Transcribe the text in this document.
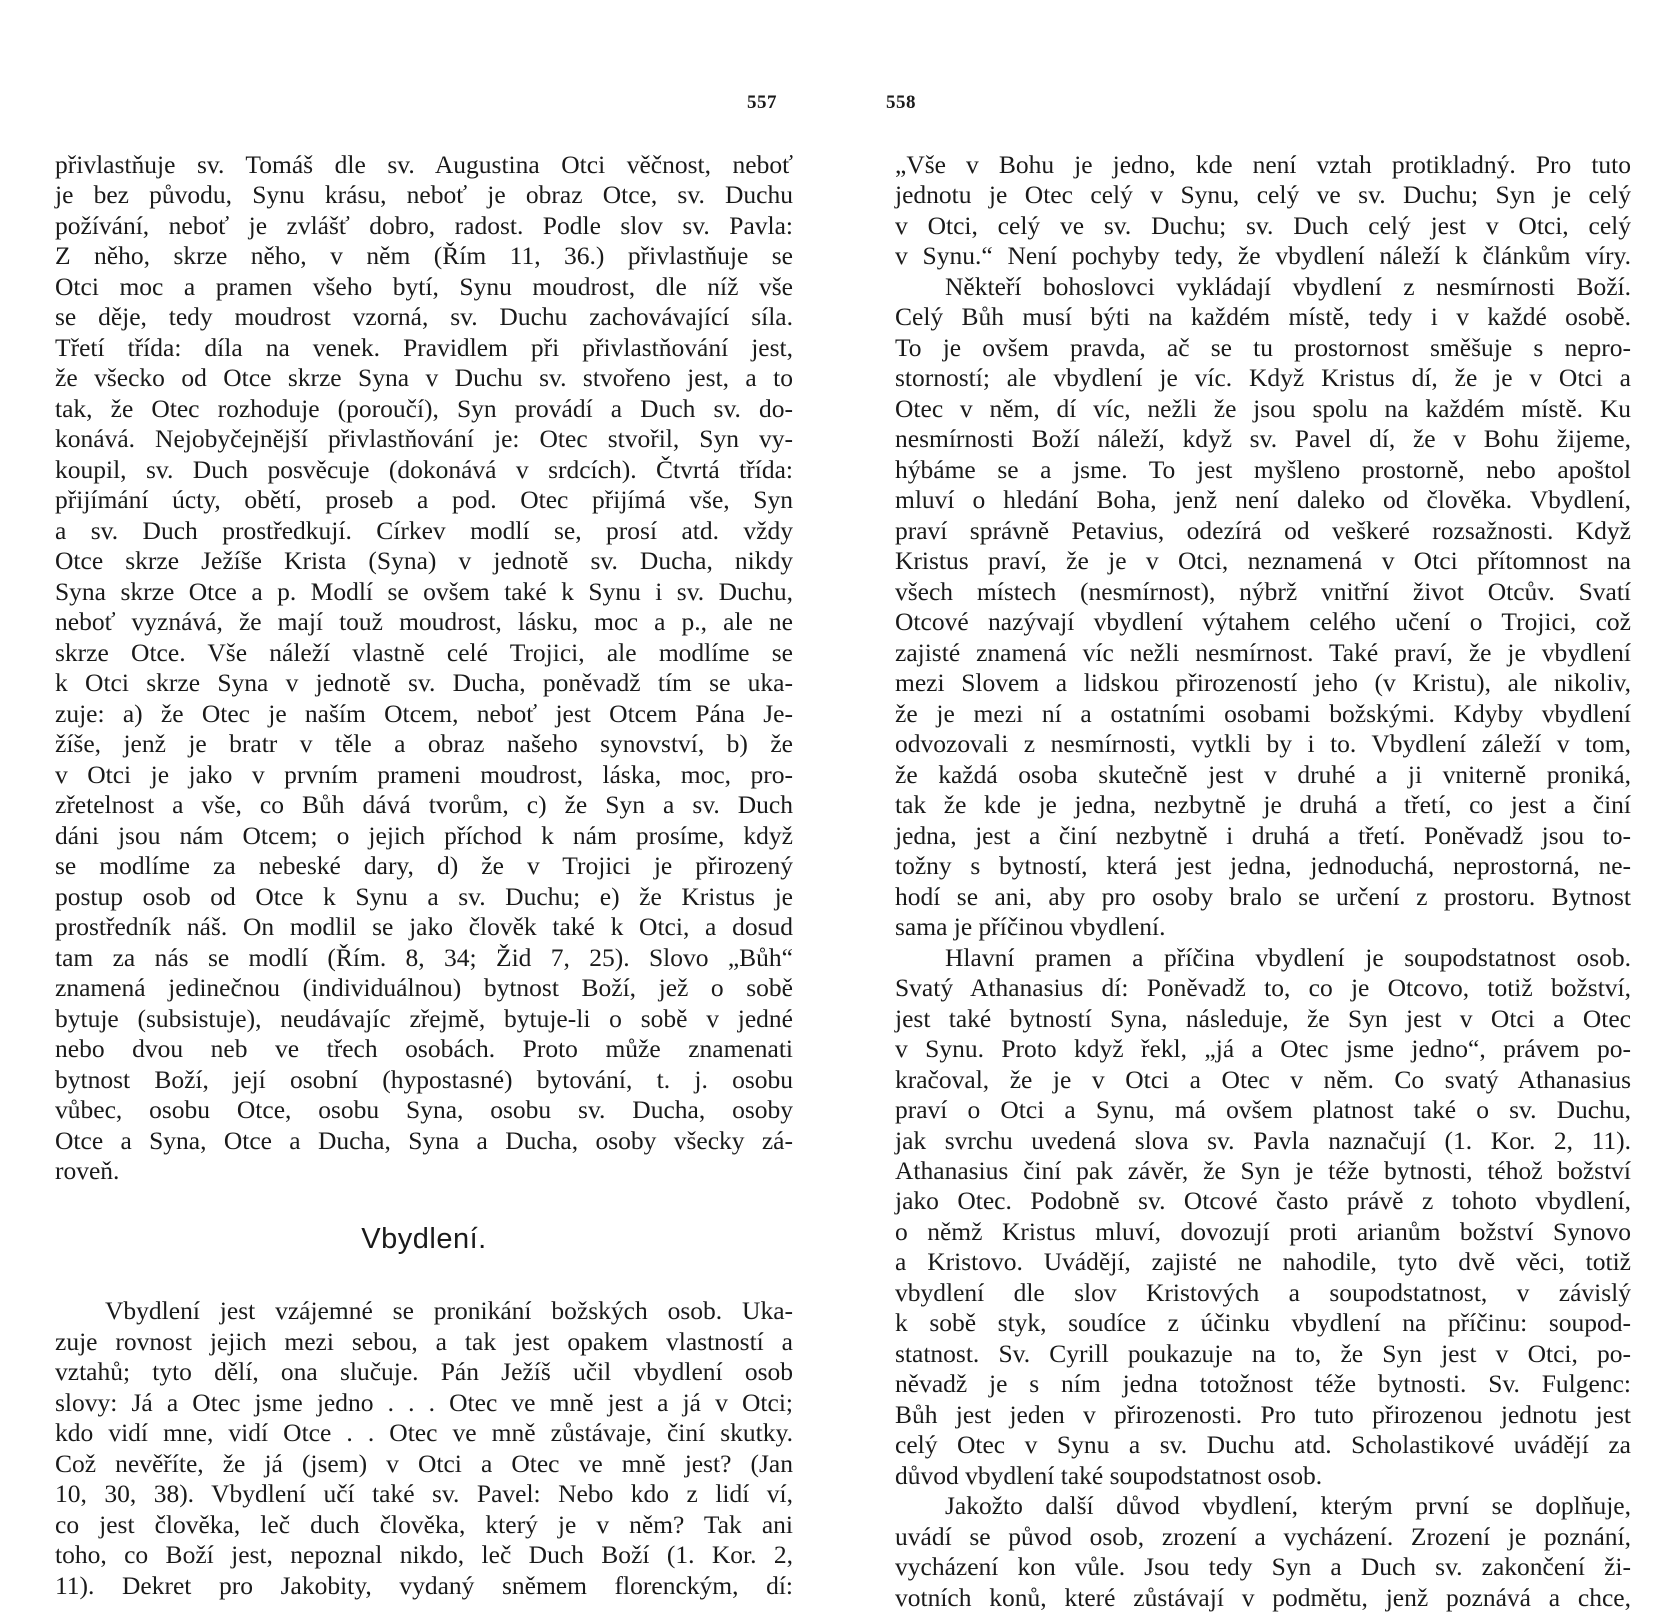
557	558
přivlastňuje sv. Tomáš dle sv. Augustina Otci věčnost, neboť
je bez původu, Synu krásu, neboť je obraz Otce, sv. Duchu
požívání, neboť je zvlášť dobro, radost. Podle slov sv. Pavla:
Z něho, skrze něho, v něm (Řím 11, 36.) přivlastňuje se
Otci moc a pramen všeho bytí, Synu moudrost, dle níž vše
se děje, tedy moudrost vzorná, sv. Duchu zachovávající síla.
Třetí třída: díla na venek. Pravidlem při přivlastňování jest,
že všecko od Otce skrze Syna v Duchu sv. stvořeno jest, a to
tak, že Otec rozhoduje (poroučí), Syn provádí a Duch sv. do-
konává. Nejobyčejnější přivlastňování je: Otec stvořil, Syn vy-
koupil, sv. Duch posvěcuje (dokonává v srdcích). Čtvrtá třída:
přijímání úcty, obětí, proseb a pod. Otec přijímá vše, Syn
a sv. Duch prostředkují. Církev modlí se, prosí atd. vždy
Otce skrze Ježíše Krista (Syna) v jednotě sv. Ducha, nikdy
Syna skrze Otce a p. Modlí se ovšem také k Synu i sv. Duchu,
neboť vyznává, že mají touž moudrost, lásku, moc a p., ale ne
skrze Otce. Vše náleží vlastně celé Trojici, ale modlíme se
k Otci skrze Syna v jednotě sv. Ducha, poněvadž tím se uka-
zuje: a) že Otec je naším Otcem, neboť jest Otcem Pána Je-
žíše, jenž je bratr v těle a obraz našeho synovství, b) že
v Otci je jako v prvním prameni moudrost, láska, moc, pro-
zřetelnost a vše, co Bůh dává tvorům, c) že Syn a sv. Duch
dáni jsou nám Otcem; o jejich příchod k nám prosíme, když
se modlíme za nebeské dary, d) že v Trojici je přirozený
postup osob od Otce k Synu a sv. Duchu; e) že Kristus je
prostředník náš. On modlil se jako člověk také k Otci, a dosud
tam za nás se modlí (Řím. 8, 34; Žid 7, 25). Slovo „Bůh“
znamená jedinečnou (individuálnou) bytnost Boží, jež o sobě
bytuje (subsistuje), neudávajíc zřejmě, bytuje-li o sobě v jedné
nebo dvou neb ve třech osobách. Proto může znamenati
bytnost Boží, její osobní (hypostasné) bytování, t. j. osobu
vůbec, osobu Otce, osobu Syna, osobu sv. Ducha, osoby
Otce a Syna, Otce a Ducha, Syna a Ducha, osoby všecky zá-
roveň.
Vbydlení.
Vbydlení jest vzájemné se pronikání božských osob. Uka-
zuje rovnost jejich mezi sebou, a tak jest opakem vlastností a
vztahů; tyto dělí, ona slučuje. Pán Ježíš učil vbydlení osob
slovy: Já a Otec jsme jedno . . . Otec ve mně jest a já v Otci;
kdo vidí mne, vidí Otce . . Otec ve mně zůstávaje, činí skutky.
Což nevěříte, že já (jsem) v Otci a Otec ve mně jest? (Jan
10, 30, 38). Vbydlení učí také sv. Pavel: Nebo kdo z lidí ví,
co jest člověka, leč duch člověka, který je v něm? Tak ani
toho, co Boží jest, nepoznal nikdo, leč Duch Boží (1. Kor. 2,
11). Dekret pro Jakobity, vydaný sněmem florenckým, dí:
„Vše v Bohu je jedno, kde není vztah protikladný. Pro tuto
jednotu je Otec celý v Synu, celý ve sv. Duchu; Syn je celý
v Otci, celý ve sv. Duchu; sv. Duch celý jest v Otci, celý
v Synu.“ Není pochyby tedy, že vbydlení náleží k článkům víry.
Někteří bohoslovci vykládají vbydlení z nesmírnosti Boží.
Celý Bůh musí býti na každém místě, tedy i v každé osobě.
To je ovšem pravda, ač se tu prostornost směšuje s nepro-
storností; ale vbydlení je víc. Když Kristus dí, že je v Otci a
Otec v něm, dí víc, nežli že jsou spolu na každém místě. Ku
nesmírnosti Boží náleží, když sv. Pavel dí, že v Bohu žijeme,
hýbáme se a jsme. To jest myšleno prostorně, nebo apoštol
mluví o hledání Boha, jenž není daleko od člověka. Vbydlení,
praví správně Petavius, odezírá od veškeré rozsažnosti. Když
Kristus praví, že je v Otci, neznamená v Otci přítomnost na
všech místech (nesmírnost), nýbrž vnitřní život Otcův. Svatí
Otcové nazývají vbydlení výtahem celého učení o Trojici, což
zajisté znamená víc nežli nesmírnost. Také praví, že je vbydlení
mezi Slovem a lidskou přirozeností jeho (v Kristu), ale nikoliv,
že je mezi ní a ostatními osobami božskými. Kdyby vbydlení
odvozovali z nesmírnosti, vytkli by i to. Vbydlení záleží v tom,
že každá osoba skutečně jest v druhé a ji vniterně proniká,
tak že kde je jedna, nezbytně je druhá a třetí, co jest a činí
jedna, jest a činí nezbytně i druhá a třetí. Poněvadž jsou to-
tožny s bytností, která jest jedna, jednoduchá, neprostorná, ne-
hodí se ani, aby pro osoby bralo se určení z prostoru. Bytnost
sama je příčinou vbydlení.
Hlavní pramen a příčina vbydlení je soupodstatnost osob.
Svatý Athanasius dí: Poněvadž to, co je Otcovo, totiž božství,
jest také bytností Syna, následuje, že Syn jest v Otci a Otec
v Synu. Proto když řekl, „já a Otec jsme jedno“, právem po-
kračoval, že je v Otci a Otec v něm. Co svatý Athanasius
praví o Otci a Synu, má ovšem platnost také o sv. Duchu,
jak svrchu uvedená slova sv. Pavla naznačují (1. Kor. 2, 11).
Athanasius činí pak závěr, že Syn je téže bytnosti, téhož božství
jako Otec. Podobně sv. Otcové často právě z tohoto vbydlení,
o němž Kristus mluví, dovozují proti arianům božství Synovo
a Kristovo. Uvádějí, zajisté ne nahodile, tyto dvě věci, totiž
vbydlení dle slov Kristových a soupodstatnost, v závislý
k sobě styk, soudíce z účinku vbydlení na příčinu: soupod-
statnost. Sv. Cyrill poukazuje na to, že Syn jest v Otci, po-
něvadž je s ním jedna totožnost téže bytnosti. Sv. Fulgenc:
Bůh jest jeden v přirozenosti. Pro tuto přirozenou jednotu jest
celý Otec v Synu a sv. Duchu atd. Scholastikové uvádějí za
důvod vbydlení také soupodstatnost osob.
Jakožto další důvod vbydlení, kterým první se doplňuje,
uvádí se původ osob, zrození a vycházení. Zrození je poznání,
vycházení kon vůle. Jsou tedy Syn a Duch sv. zakončení ži-
votních konů, které zůstávají v podmětu, jenž poznává a chce,
